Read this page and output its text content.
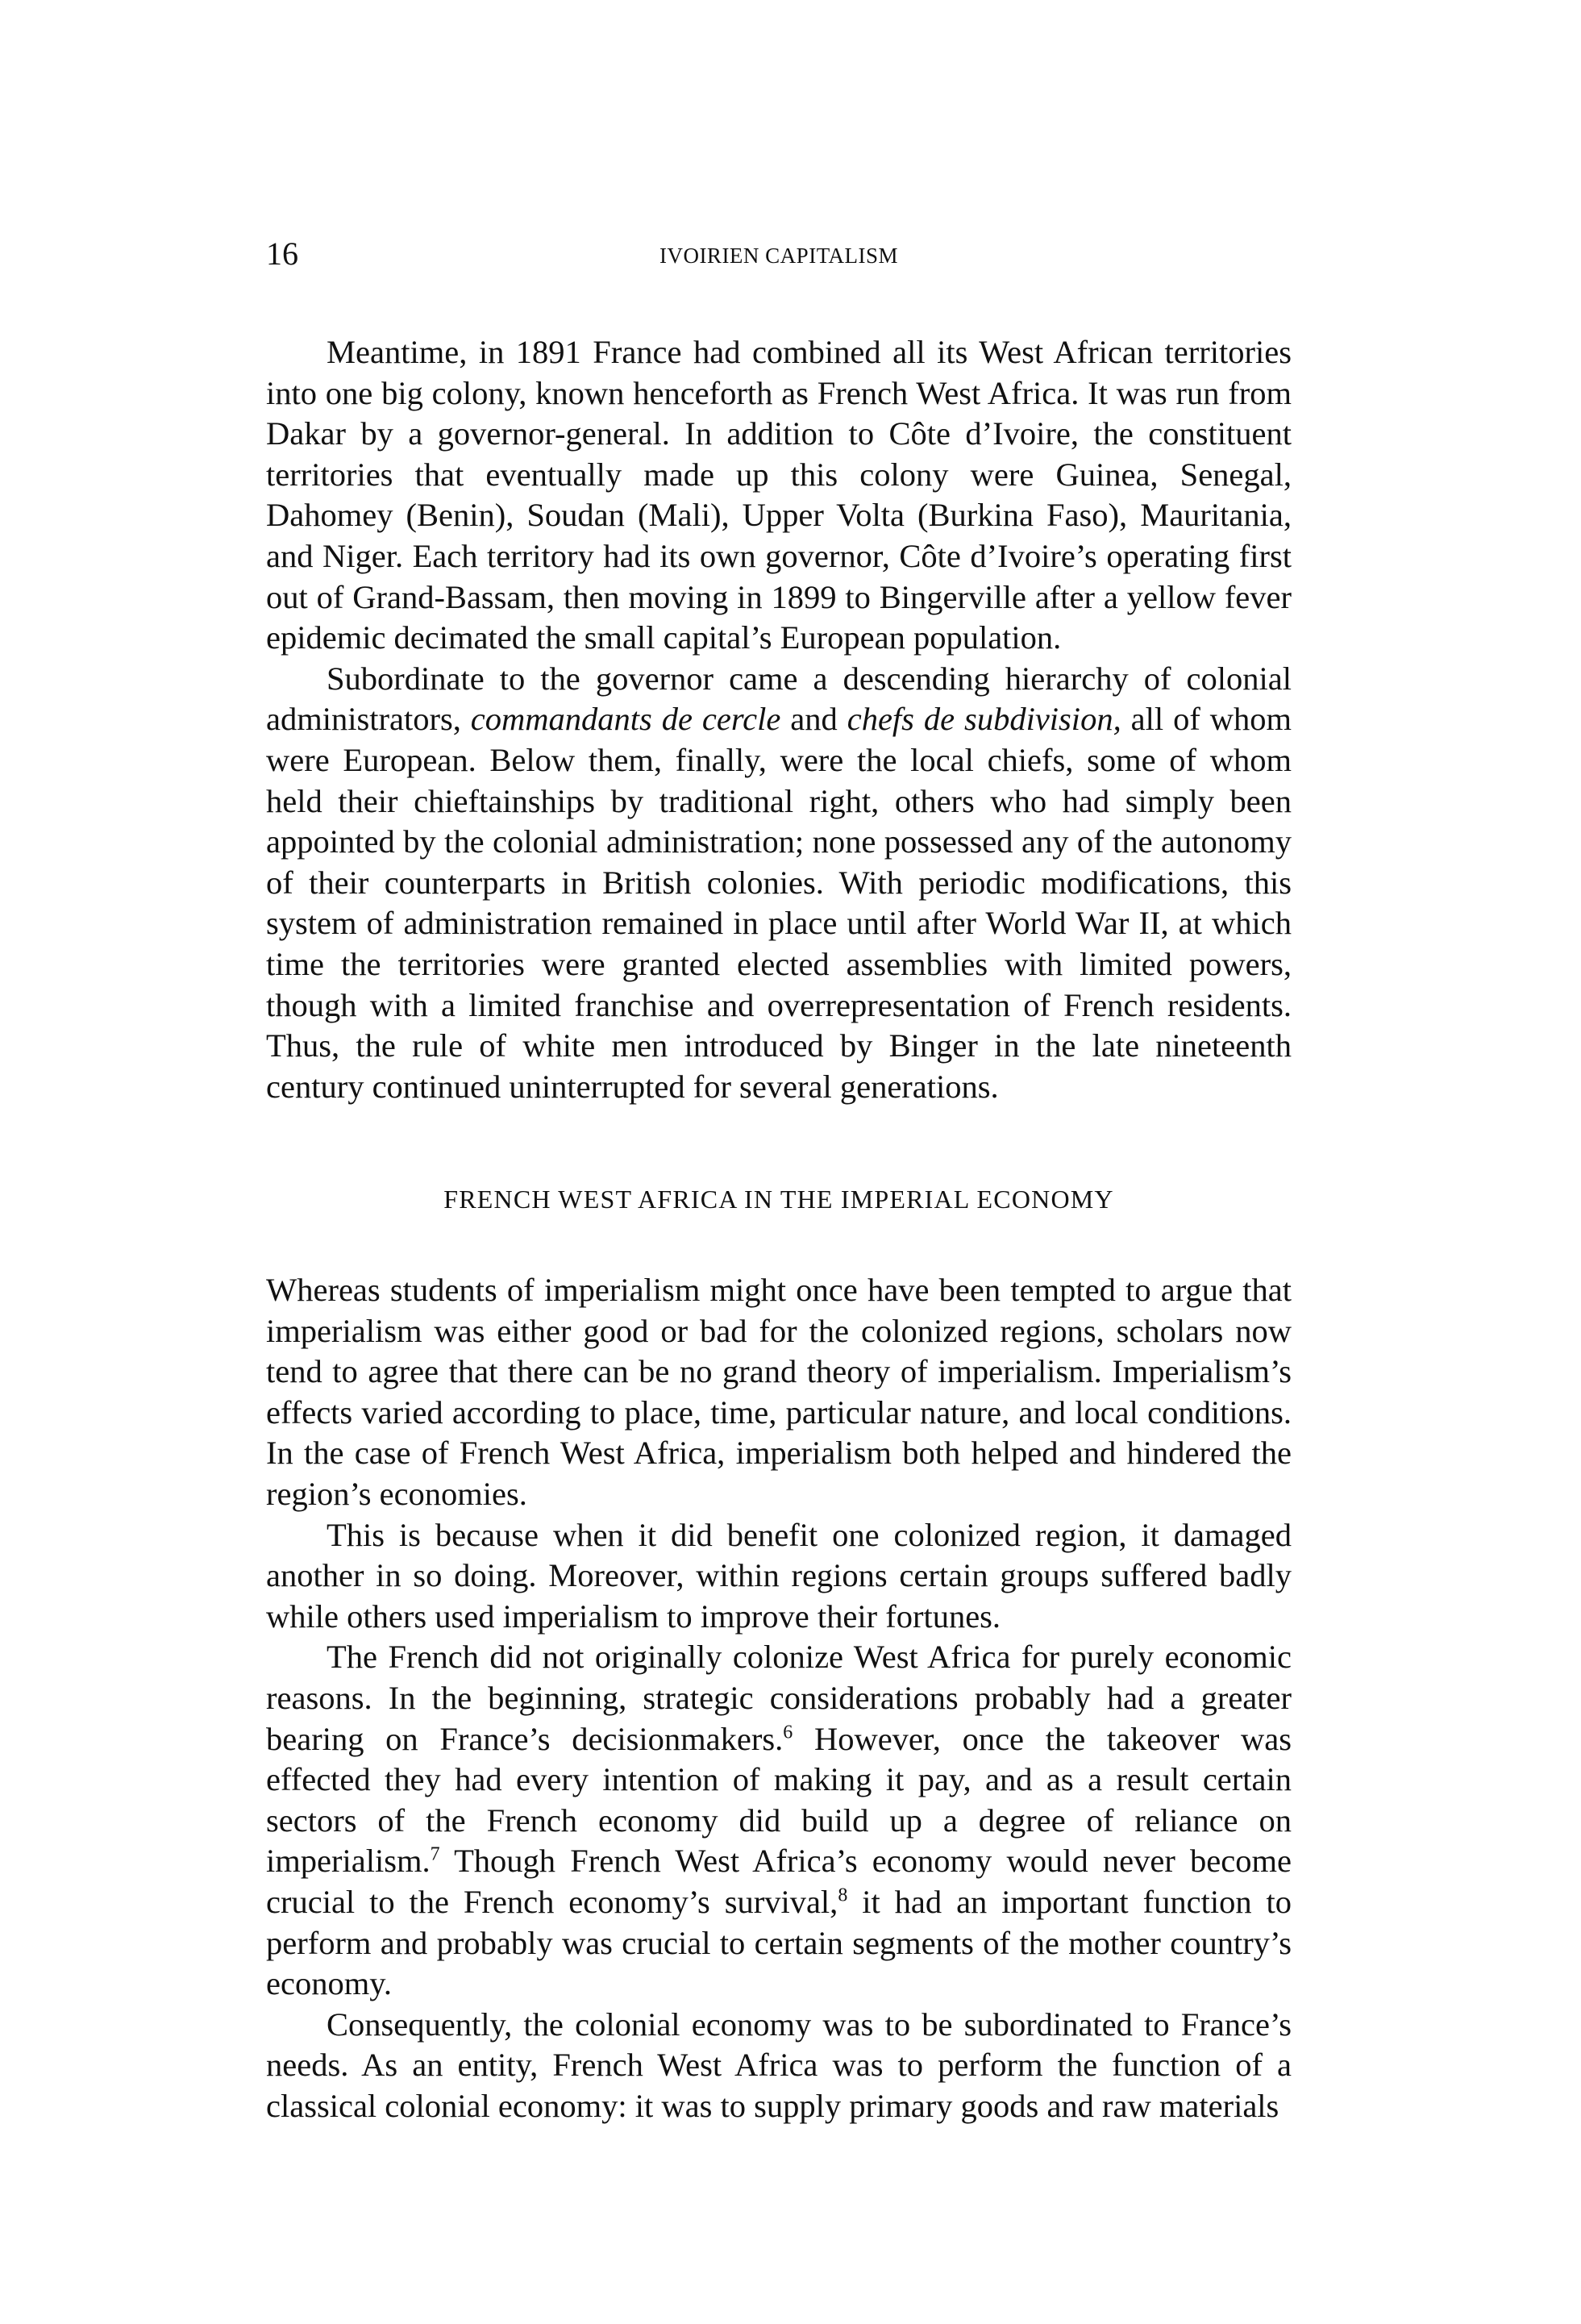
16	IVOIRIEN CAPITALISM

Meantime, in 1891 France had combined all its West African territories into one big colony, known henceforth as French West Africa. It was run from Dakar by a governor-general. In addition to Côte d’Ivoire, the constituent territories that eventually made up this colony were Guinea, Senegal, Dahomey (Benin), Soudan (Mali), Upper Volta (Burkina Faso), Mauritania, and Niger. Each territory had its own governor, Côte d’Ivoire’s operating first out of Grand-Bassam, then moving in 1899 to Bingerville after a yellow fever epidemic decimated the small capital’s European population.

Subordinate to the governor came a descending hierarchy of colonial administrators, commandants de cercle and chefs de subdivision, all of whom were European. Below them, finally, were the local chiefs, some of whom held their chieftainships by traditional right, others who had simply been appointed by the colonial administration; none possessed any of the autonomy of their counterparts in British colonies. With periodic modifications, this system of administration remained in place until after World War II, at which time the territories were granted elected assemblies with limited powers, though with a limited franchise and overrepresentation of French residents. Thus, the rule of white men introduced by Binger in the late nineteenth century continued uninterrupted for several generations.

FRENCH WEST AFRICA IN THE IMPERIAL ECONOMY

Whereas students of imperialism might once have been tempted to argue that imperialism was either good or bad for the colonized regions, scholars now tend to agree that there can be no grand theory of imperialism. Imperialism’s effects varied according to place, time, particular nature, and local conditions. In the case of French West Africa, imperialism both helped and hindered the region’s economies.

This is because when it did benefit one colonized region, it damaged another in so doing. Moreover, within regions certain groups suffered badly while others used imperialism to improve their fortunes.

The French did not originally colonize West Africa for purely economic reasons. In the beginning, strategic considerations probably had a greater bearing on France’s decisionmakers.$^6$ However, once the takeover was effected they had every intention of making it pay, and as a result certain sectors of the French economy did build up a degree of reliance on imperialism.$^7$ Though French West Africa’s economy would never become crucial to the French economy’s survival,$^8$ it had an important function to perform and probably was crucial to certain segments of the mother country’s economy.

Consequently, the colonial economy was to be subordinated to France’s needs. As an entity, French West Africa was to perform the function of a classical colonial economy: it was to supply primary goods and raw materials
